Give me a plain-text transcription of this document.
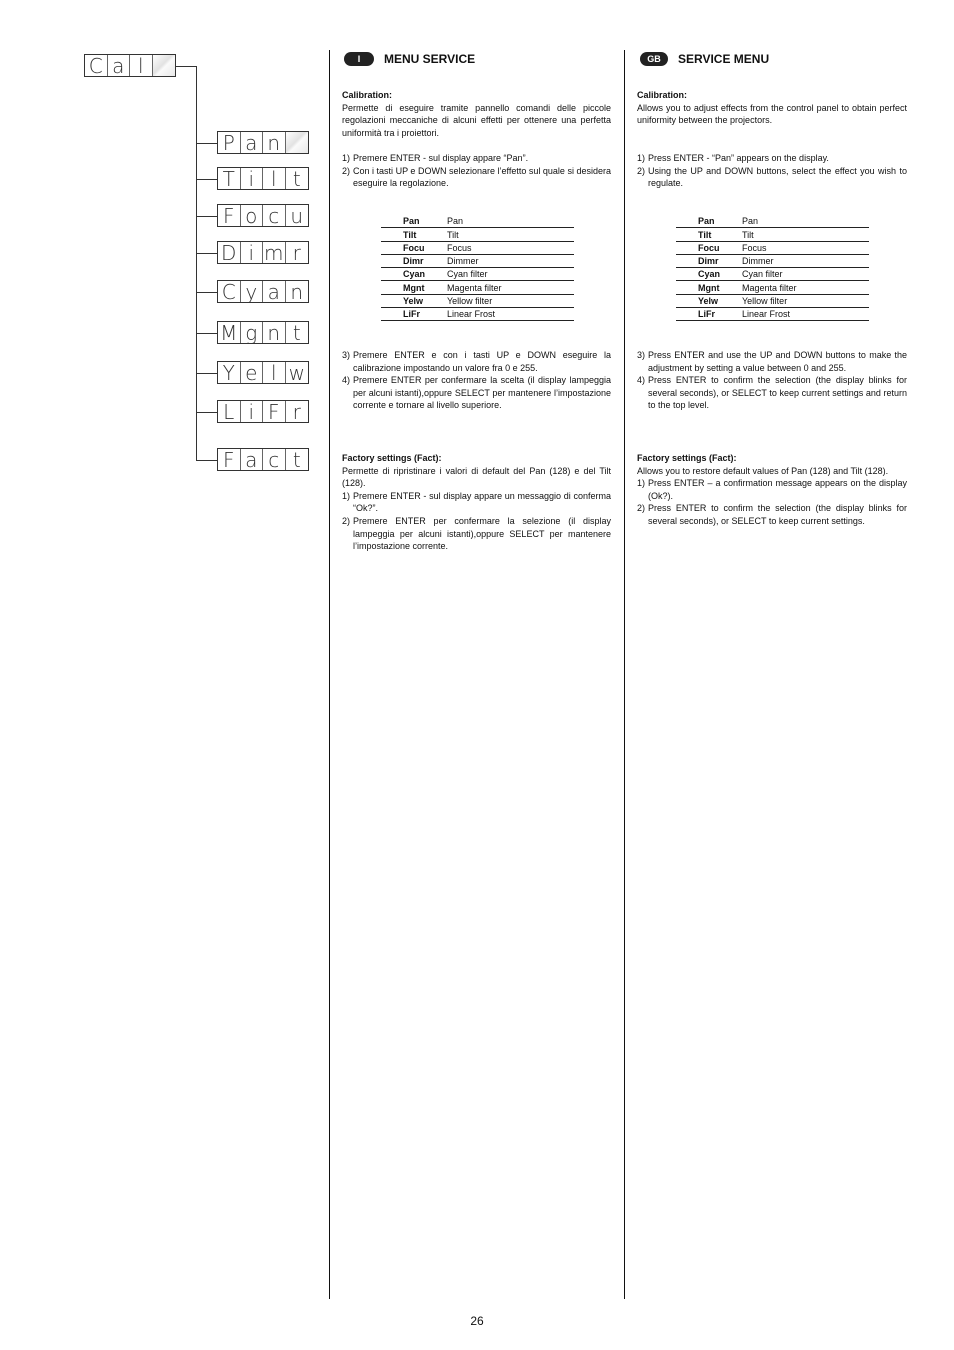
C a l
P a n
T i l t
F o c u
D i m r
C y a n
M g n t
Y e l w
L i F r
F a c t
I	MENU SERVICE

Calibration:

Permette di eseguire tramite pannello comandi delle piccole regolazioni meccaniche di alcuni effetti per ottenere una perfetta uniformità tra i proiettori.

1) Premere ENTER - sul display appare “Pan”.
2) Con i tasti UP e DOWN selezionare l’effetto sul quale si desidera eseguire la regolazione.
Pan	Pan
Tilt	Tilt
Focu	Focus
Dimr	Dimmer
Cyan	Cyan filter
Mgnt	Magenta filter
Yelw	Yellow filter
LiFr	Linear Frost
3) Premere ENTER e con i tasti UP e DOWN eseguire la calibrazione impostando un valore fra 0 e 255.
4) Premere ENTER per confermare la scelta (il display lampeggia per alcuni istanti),oppure SELECT per mantenere l’impostazione corrente e tornare al livello superiore.

Factory settings (Fact):

Permette di ripristinare i valori di default del Pan (128) e del Tilt (128).

1) Premere ENTER - sul display appare un messaggio di conferma “Ok?”.
2) Premere ENTER per confermare la selezione (il display lampeggia per alcuni istanti),oppure SELECT per mantenere l’impostazione corrente.
GB	SERVICE MENU

Calibration:

Allows you to adjust effects from the control panel to obtain perfect uniformity between the projectors.

1) Press ENTER - “Pan” appears on the display.
2) Using the UP and DOWN buttons, select the effect you wish to regulate.
Pan	Pan
Tilt	Tilt
Focu	Focus
Dimr	Dimmer
Cyan	Cyan filter
Mgnt	Magenta filter
Yelw	Yellow filter
LiFr	Linear Frost
3) Press ENTER and use the UP and DOWN buttons to make the adjustment by setting a value between 0 and 255.
4) Press ENTER to confirm the selection (the display blinks for several seconds), or SELECT to keep current settings and return to the top level.

Factory settings (Fact):

Allows you to restore default values of Pan (128) and Tilt (128).

1) Press ENTER – a confirmation message appears on the display (Ok?).
2) Press ENTER to confirm the selection (the display blinks for several seconds), or SELECT to keep current settings.
26
